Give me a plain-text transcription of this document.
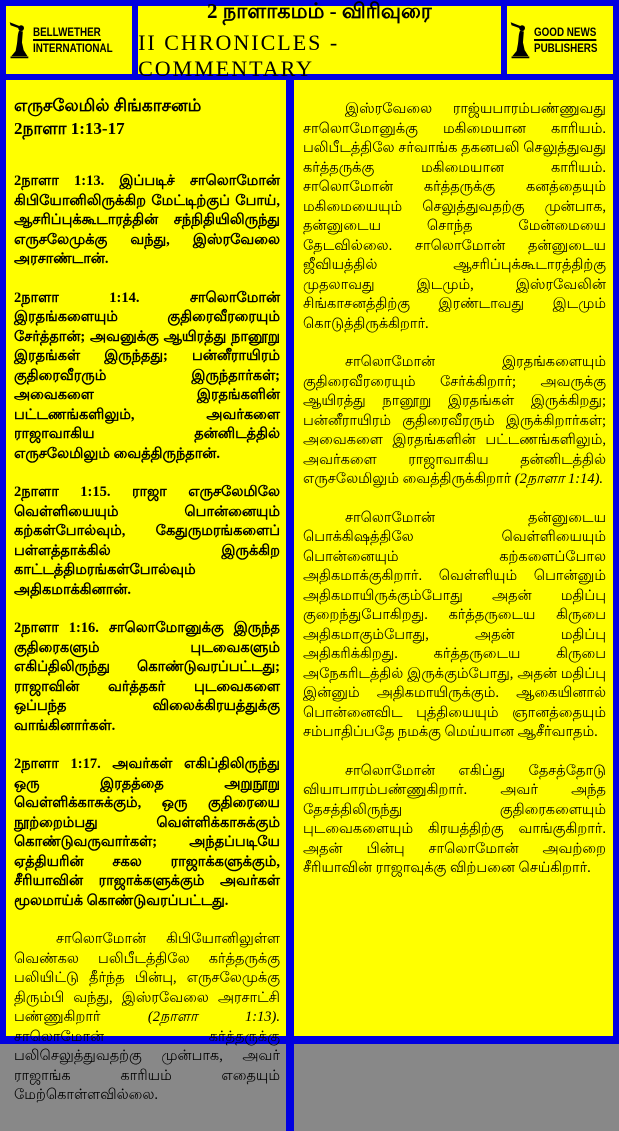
BELLWETHER
INTERNATIONAL
2 நாளாகமம் - விரிவுரை
II CHRONICLES - COMMENTARY
GOOD NEWS
PUBLISHERS
எருசலேமில் சிங்காசனம்
2நாளா 1:13-17

2நாளா 1:13. இப்படிச் சாலொமோன் கிபியோனிலிருக்கிற மேட்டிற்குப் போய், ஆசரிப்புக்கூடாரத்தின் சந்நிதியிலிருந்து எருசலேமுக்கு வந்து, இஸ்ரவேலை அரசாண்டான்.

2நாளா 1:14. சாலொமோன் இரதங்களையும் குதிரைவீரரையும் சேர்த்தான்; அவனுக்கு ஆயிரத்து நானூறு இரதங்கள் இருந்தது; பன்னீராயிரம் குதிரைவீரரும் இருந்தார்கள்; அவைகளை இரதங்களின் பட்டணங்களிலும், அவர்களை ராஜாவாகிய தன்னிடத்தில் எருசலேமிலும் வைத்திருந்தான்.

2நாளா 1:15. ராஜா எருசலேமிலே வெள்ளியையும் பொன்னையும் கற்கள்போல்வும், கேதுருமரங்களைப் பள்ளத்தாக்கில் இருக்கிற காட்டத்திமரங்கள்போல்வும் அதிகமாக்கினான்.

2நாளா 1:16. சாலொமோனுக்கு இருந்த குதிரைகளும் புடவைகளும் எகிப்திலிருந்து கொண்டுவரப்பட்டது; ராஜாவின் வர்த்தகர் புடவைகளை ஒப்பந்த விலைக்கிரயத்துக்கு வாங்கினார்கள்.

2நாளா 1:17. அவர்கள் எகிப்திலிருந்து ஒரு இரதத்தை அறுநூறு வெள்ளிக்காசுக்கும், ஒரு குதிரையை நூற்றைம்பது வெள்ளிக்காசுக்கும் கொண்டுவருவார்கள்; அந்தப்படியே ஏத்தியரின் சகல ராஜாக்களுக்கும், சீரியாவின் ராஜாக்களுக்கும் அவர்கள் மூலமாய்க் கொண்டுவரப்பட்டது.

சாலொமோன் கிபியோனிலுள்ள வெண்கல பலிபீடத்திலே கர்த்தருக்கு பலியிட்டு தீர்ந்த பின்பு, எருசலேமுக்கு திரும்பி வந்து, இஸ்ரவேலை அரசாட்சி பண்ணுகிறார் (2நாளா 1:13). சாலொமோன் கர்த்தருக்கு பலிசெலுத்துவதற்கு முன்பாக, அவர் ராஜாங்க காரியம் எதையும் மேற்கொள்ளவில்லை.

இஸ்ரவேலை ராஜ்யபாரம்பண்ணுவது சாலொமோனுக்கு மகிமையான காரியம். பலிபீடத்திலே சர்வாங்க தகனபலி செலுத்துவது கர்த்தருக்கு மகிமையான காரியம். சாலொமோன் கர்த்தருக்கு கனத்தையும் மகிமையையும் செலுத்துவதற்கு முன்பாக, தன்னுடைய சொந்த மேன்மையை தேடவில்லை. சாலொமோன் தன்னுடைய ஜீவியத்தில் ஆசரிப்புக்கூடாரத்திற்கு முதலாவது இடமும், இஸ்ரவேலின் சிங்காசனத்திற்கு இரண்டாவது இடமும் கொடுத்திருக்கிறார்.

சாலொமோன் இரதங்களையும் குதிரைவீரரையும் சேர்க்கிறார்; அவருக்கு ஆயிரத்து நானூறு இரதங்கள் இருக்கிறது; பன்னீராயிரம் குதிரைவீரரும் இருக்கிறார்கள்; அவைகளை இரதங்களின் பட்டணங்களிலும், அவர்களை ராஜாவாகிய தன்னிடத்தில் எருசலேமிலும் வைத்திருக்கிறார் (2நாளா 1:14).

சாலொமோன் தன்னுடைய பொக்கிஷத்திலே வெள்ளியையும் பொன்னையும் கற்களைப்போல அதிகமாக்குகிறார். வெள்ளியும் பொன்னும் அதிகமாயிருக்கும்போது அதன் மதிப்பு குறைந்துபோகிறது. கர்த்தருடைய கிருபை அதிகமாகும்போது, அதன் மதிப்பு அதிகரிக்கிறது. கர்த்தருடைய கிருபை அநேகரிடத்தில் இருக்கும்போது, அதன் மதிப்பு இன்னும் அதிகமாயிருக்கும். ஆகையினால் பொன்னைவிட புத்தியையும் ஞானத்தையும் சம்பாதிப்பதே நமக்கு மெய்யான ஆசீர்வாதம்.

சாலொமோன் எகிப்து தேசத்தோடு வியாபாரம்பண்ணுகிறார். அவர் அந்த தேசத்திலிருந்து குதிரைகளையும் புடவைகளையும் கிரயத்திற்கு வாங்குகிறார். அதன் பின்பு சாலொமோன் அவற்றை சீரியாவின் ராஜாவுக்கு விற்பனை செய்கிறார்.
